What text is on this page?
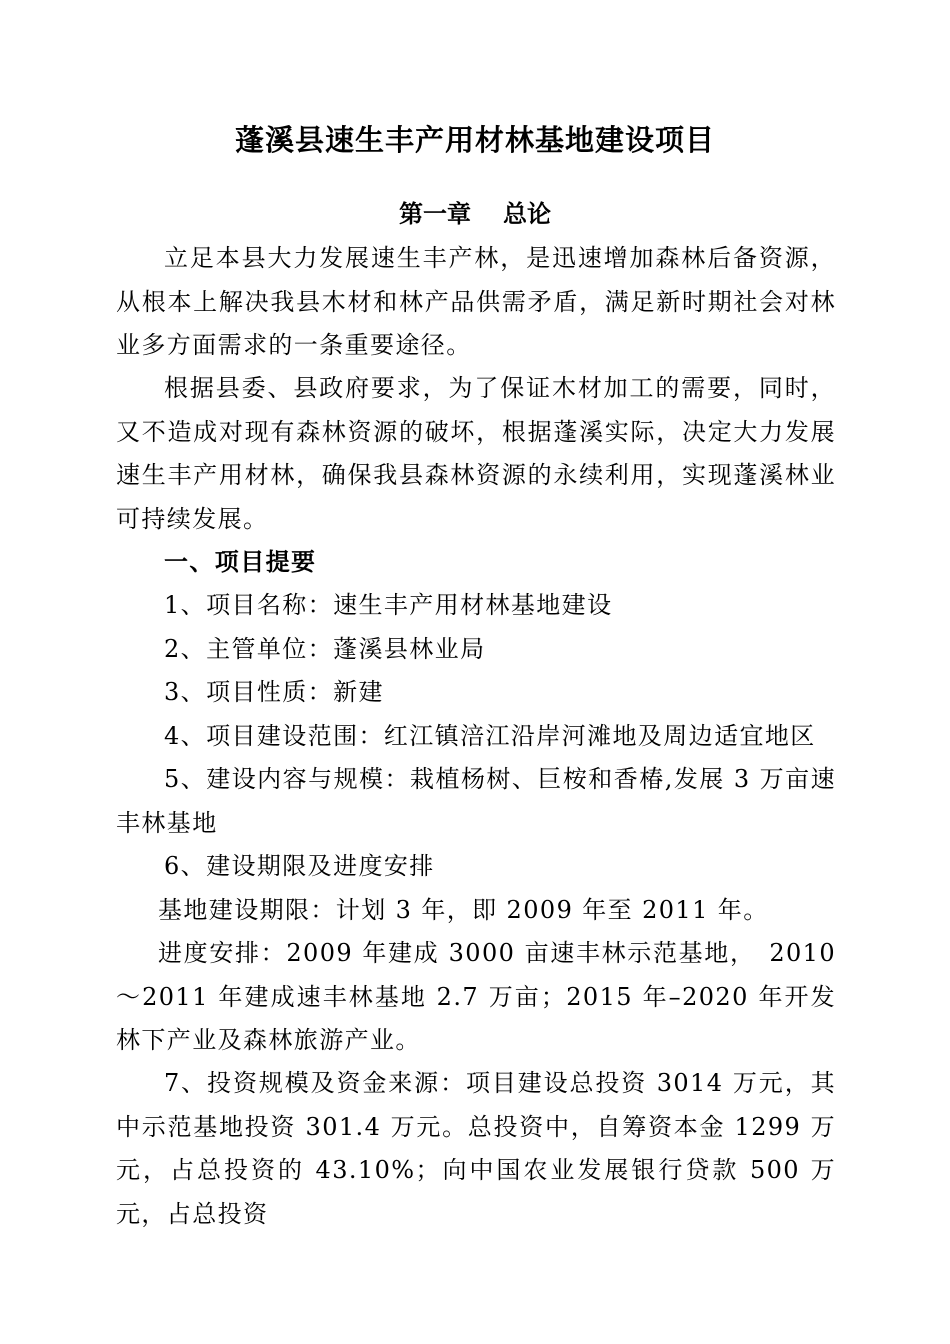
蓬溪县速生丰产用材林基地建设项目
第一章 总论
立足本县大力发展速生丰产林，是迅速增加森林后备资源，从根本上解决我县木材和林产品供需矛盾，满足新时期社会对林业多方面需求的一条重要途径。
根据县委、县政府要求，为了保证木材加工的需要，同时，又不造成对现有森林资源的破坏，根据蓬溪实际，决定大力发展速生丰产用材林，确保我县森林资源的永续利用，实现蓬溪林业可持续发展。
一、项目提要
1、项目名称：速生丰产用材林基地建设
2、主管单位：蓬溪县林业局
3、项目性质：新建
4、项目建设范围：红江镇涪江沿岸河滩地及周边适宜地区
5、建设内容与规模：栽植杨树、巨桉和香椿,发展 3 万亩速丰林基地
6、建设期限及进度安排
基地建设期限：计划 3 年，即 2009 年至 2011 年。
进度安排：2009 年建成 3000 亩速丰林示范基地，　2010～2011 年建成速丰林基地 2.7 万亩；2015 年–2020 年开发林下产业及森林旅游产业。
7、投资规模及资金来源：项目建设总投资 3014 万元，其中示范基地投资 301.4 万元。总投资中，自筹资本金 1299 万元，占总投资的 43.10%；向中国农业发展银行贷款 500 万元，占总投资
